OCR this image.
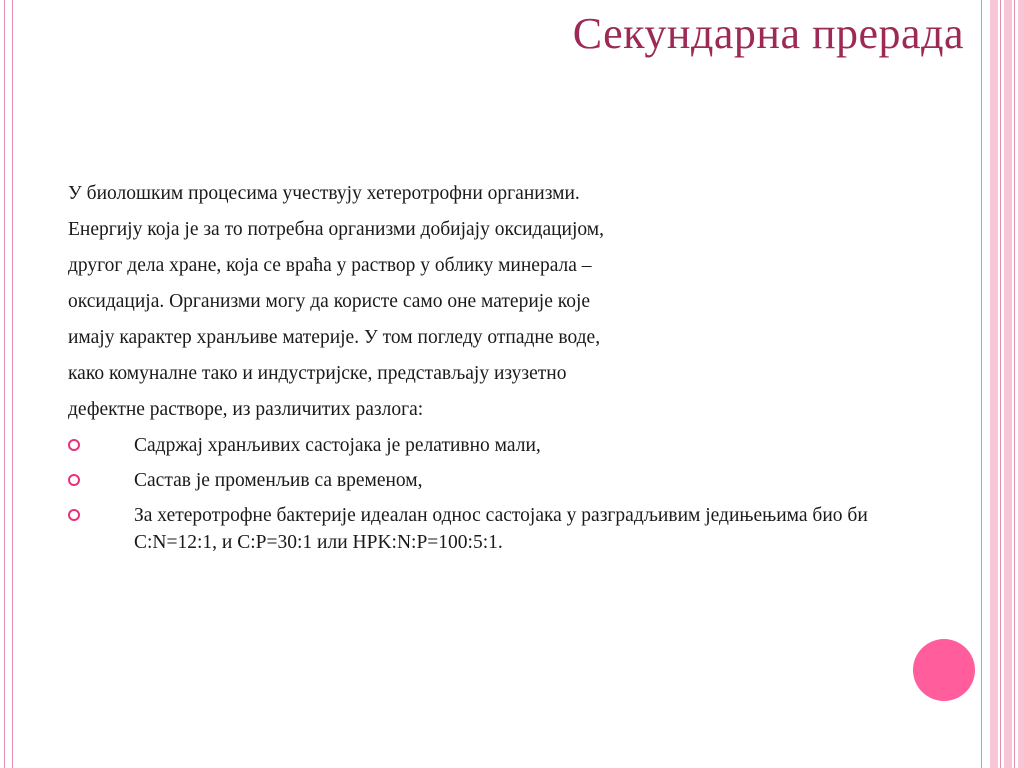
Секундарна прерада
У биолошким процесима учествују хетеротрофни организми.
Енергију која је за то потребна организми добијају оксидацијом,
другог дела хране, која се враћа у раствор у облику минерала –
оксидација. Организми могу да користе само оне материје које
имају карактер хранљиве материје. У том погледу отпадне воде,
како комуналне тако и индустријске, представљају изузетно
дефектне растворе, из различитих разлога:
Садржај хранљивих састојака је релативно мали,
Састав је променљив са временом,
За хетеротрофне бактерије идеалан однос састојака у разградљивим једињењима био би C:N=12:1, и C:P=30:1 или HPK:N:P=100:5:1.
